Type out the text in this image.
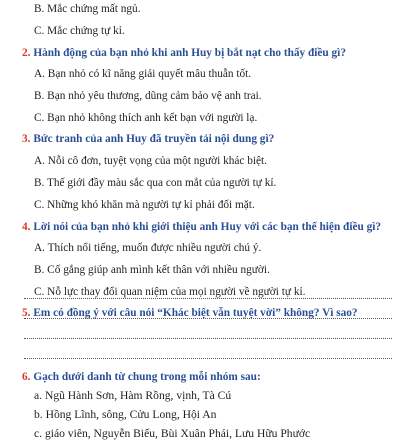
B. Mắc chứng mất ngủ.
C. Mắc chứng tự kỉ.
2. Hành động của bạn nhỏ khi anh Huy bị bắt nạt cho thấy điều gì?
A. Bạn nhỏ có kĩ năng giải quyết mâu thuẫn tốt.
B. Bạn nhỏ yêu thương, dũng cảm bảo vệ anh trai.
C. Bạn nhỏ không thích anh kết bạn với người lạ.
3. Bức tranh của anh Huy đã truyền tải nội dung gì?
A. Nỗi cô đơn, tuyệt vọng của một người khác biệt.
B. Thế giới đầy màu sắc qua con mắt của người tự kỉ.
C. Những khó khăn mà người tự kỉ phải đối mặt.
4. Lời nói của bạn nhỏ khi giới thiệu anh Huy với các bạn thể hiện điều gì?
A. Thích nổi tiếng, muốn được nhiều người chú ý.
B. Cố gắng giúp anh mình kết thân với nhiều người.
C. Nỗ lực thay đổi quan niệm của mọi người về người tự kỉ.
5. Em có đồng ý với câu nói “Khác biệt vẫn tuyệt vời” không? Vì sao?
6. Gạch dưới danh từ chung trong mỗi nhóm sau:
a. Ngũ Hành Sơn, Hàm Rồng, vịnh, Tà Cú
b. Hồng Lĩnh, sông, Cửu Long, Hội An
c. giáo viên, Nguyễn Biểu, Bùi Xuân Phái, Lưu Hữu Phước
